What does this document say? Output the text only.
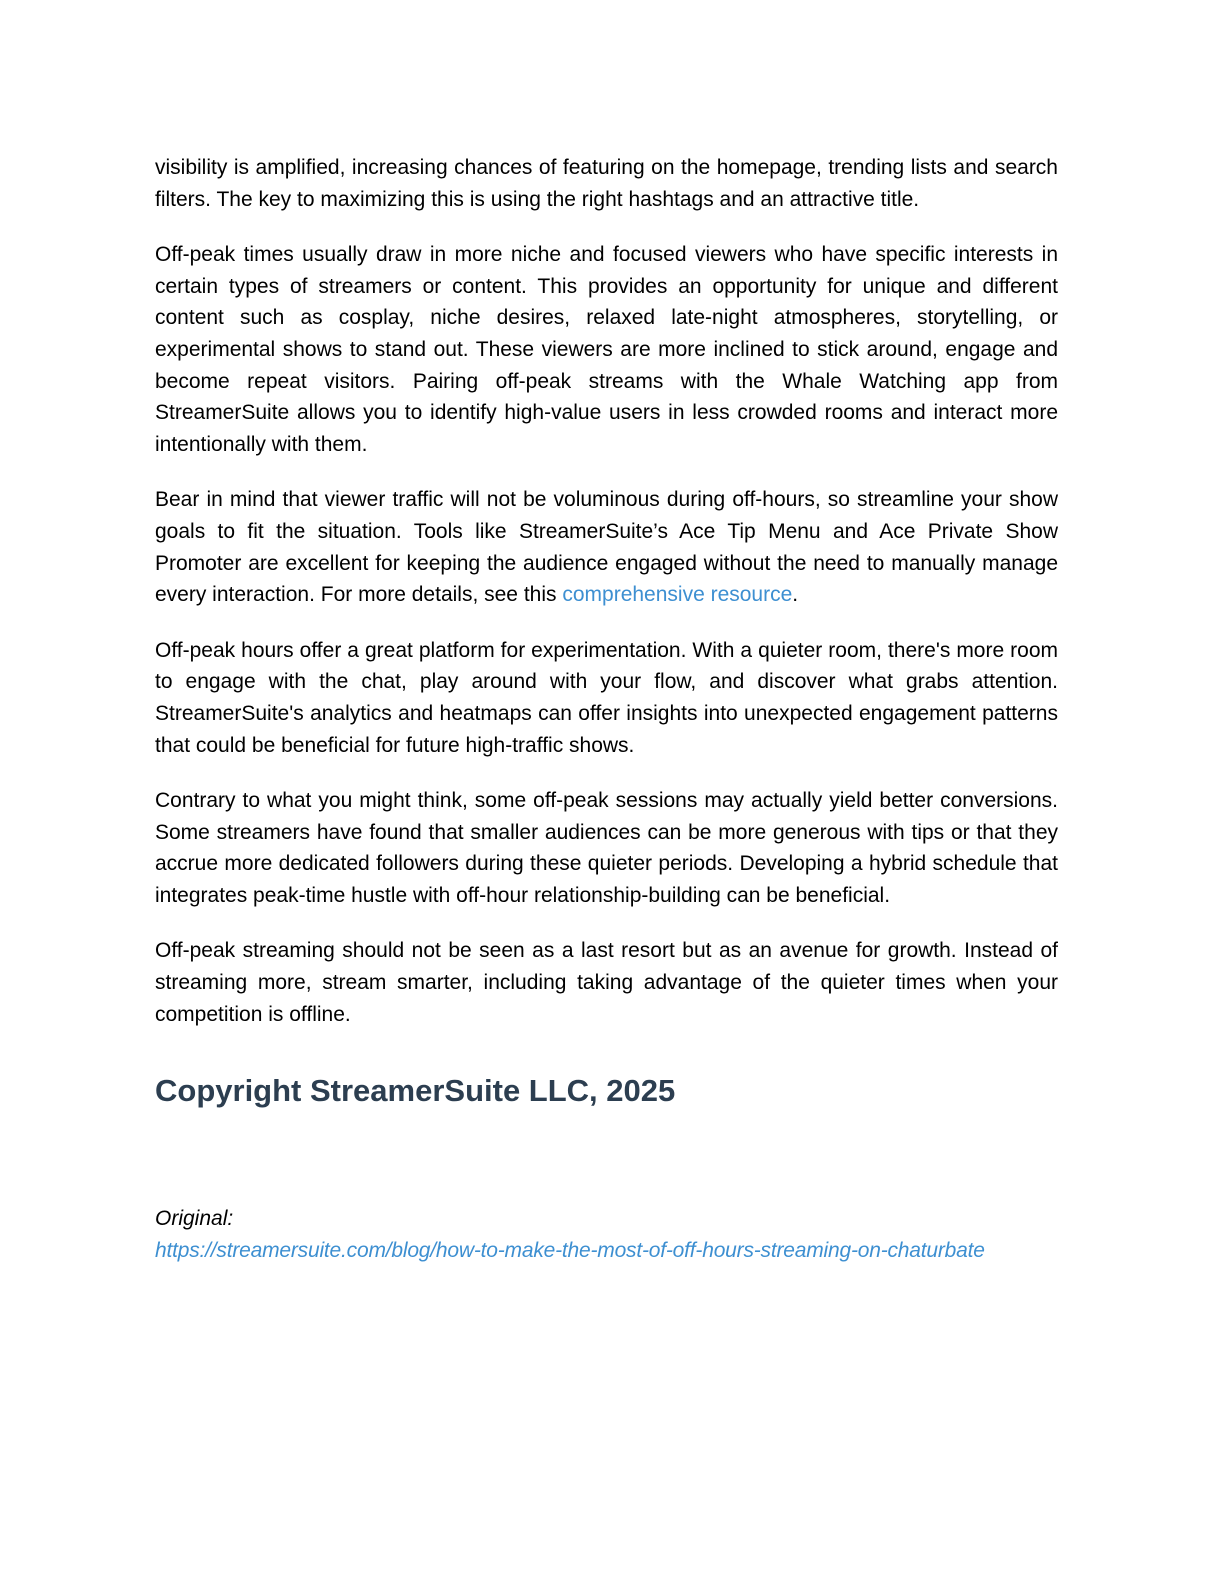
visibility is amplified, increasing chances of featuring on the homepage, trending lists and search filters. The key to maximizing this is using the right hashtags and an attractive title.

Off-peak times usually draw in more niche and focused viewers who have specific interests in certain types of streamers or content. This provides an opportunity for unique and different content such as cosplay, niche desires, relaxed late-night atmospheres, storytelling, or experimental shows to stand out. These viewers are more inclined to stick around, engage and become repeat visitors. Pairing off-peak streams with the Whale Watching app from StreamerSuite allows you to identify high-value users in less crowded rooms and interact more intentionally with them.

Bear in mind that viewer traffic will not be voluminous during off-hours, so streamline your show goals to fit the situation. Tools like StreamerSuite’s Ace Tip Menu and Ace Private Show Promoter are excellent for keeping the audience engaged without the need to manually manage every interaction. For more details, see this comprehensive resource.

Off-peak hours offer a great platform for experimentation. With a quieter room, there's more room to engage with the chat, play around with your flow, and discover what grabs attention. StreamerSuite's analytics and heatmaps can offer insights into unexpected engagement patterns that could be beneficial for future high-traffic shows.

Contrary to what you might think, some off-peak sessions may actually yield better conversions. Some streamers have found that smaller audiences can be more generous with tips or that they accrue more dedicated followers during these quieter periods. Developing a hybrid schedule that integrates peak-time hustle with off-hour relationship-building can be beneficial.

Off-peak streaming should not be seen as a last resort but as an avenue for growth. Instead of streaming more, stream smarter, including taking advantage of the quieter times when your competition is offline.

Copyright StreamerSuite LLC, 2025
Original:
https://streamersuite.com/blog/how-to-make-the-most-of-off-hours-streaming-on-chaturbate
